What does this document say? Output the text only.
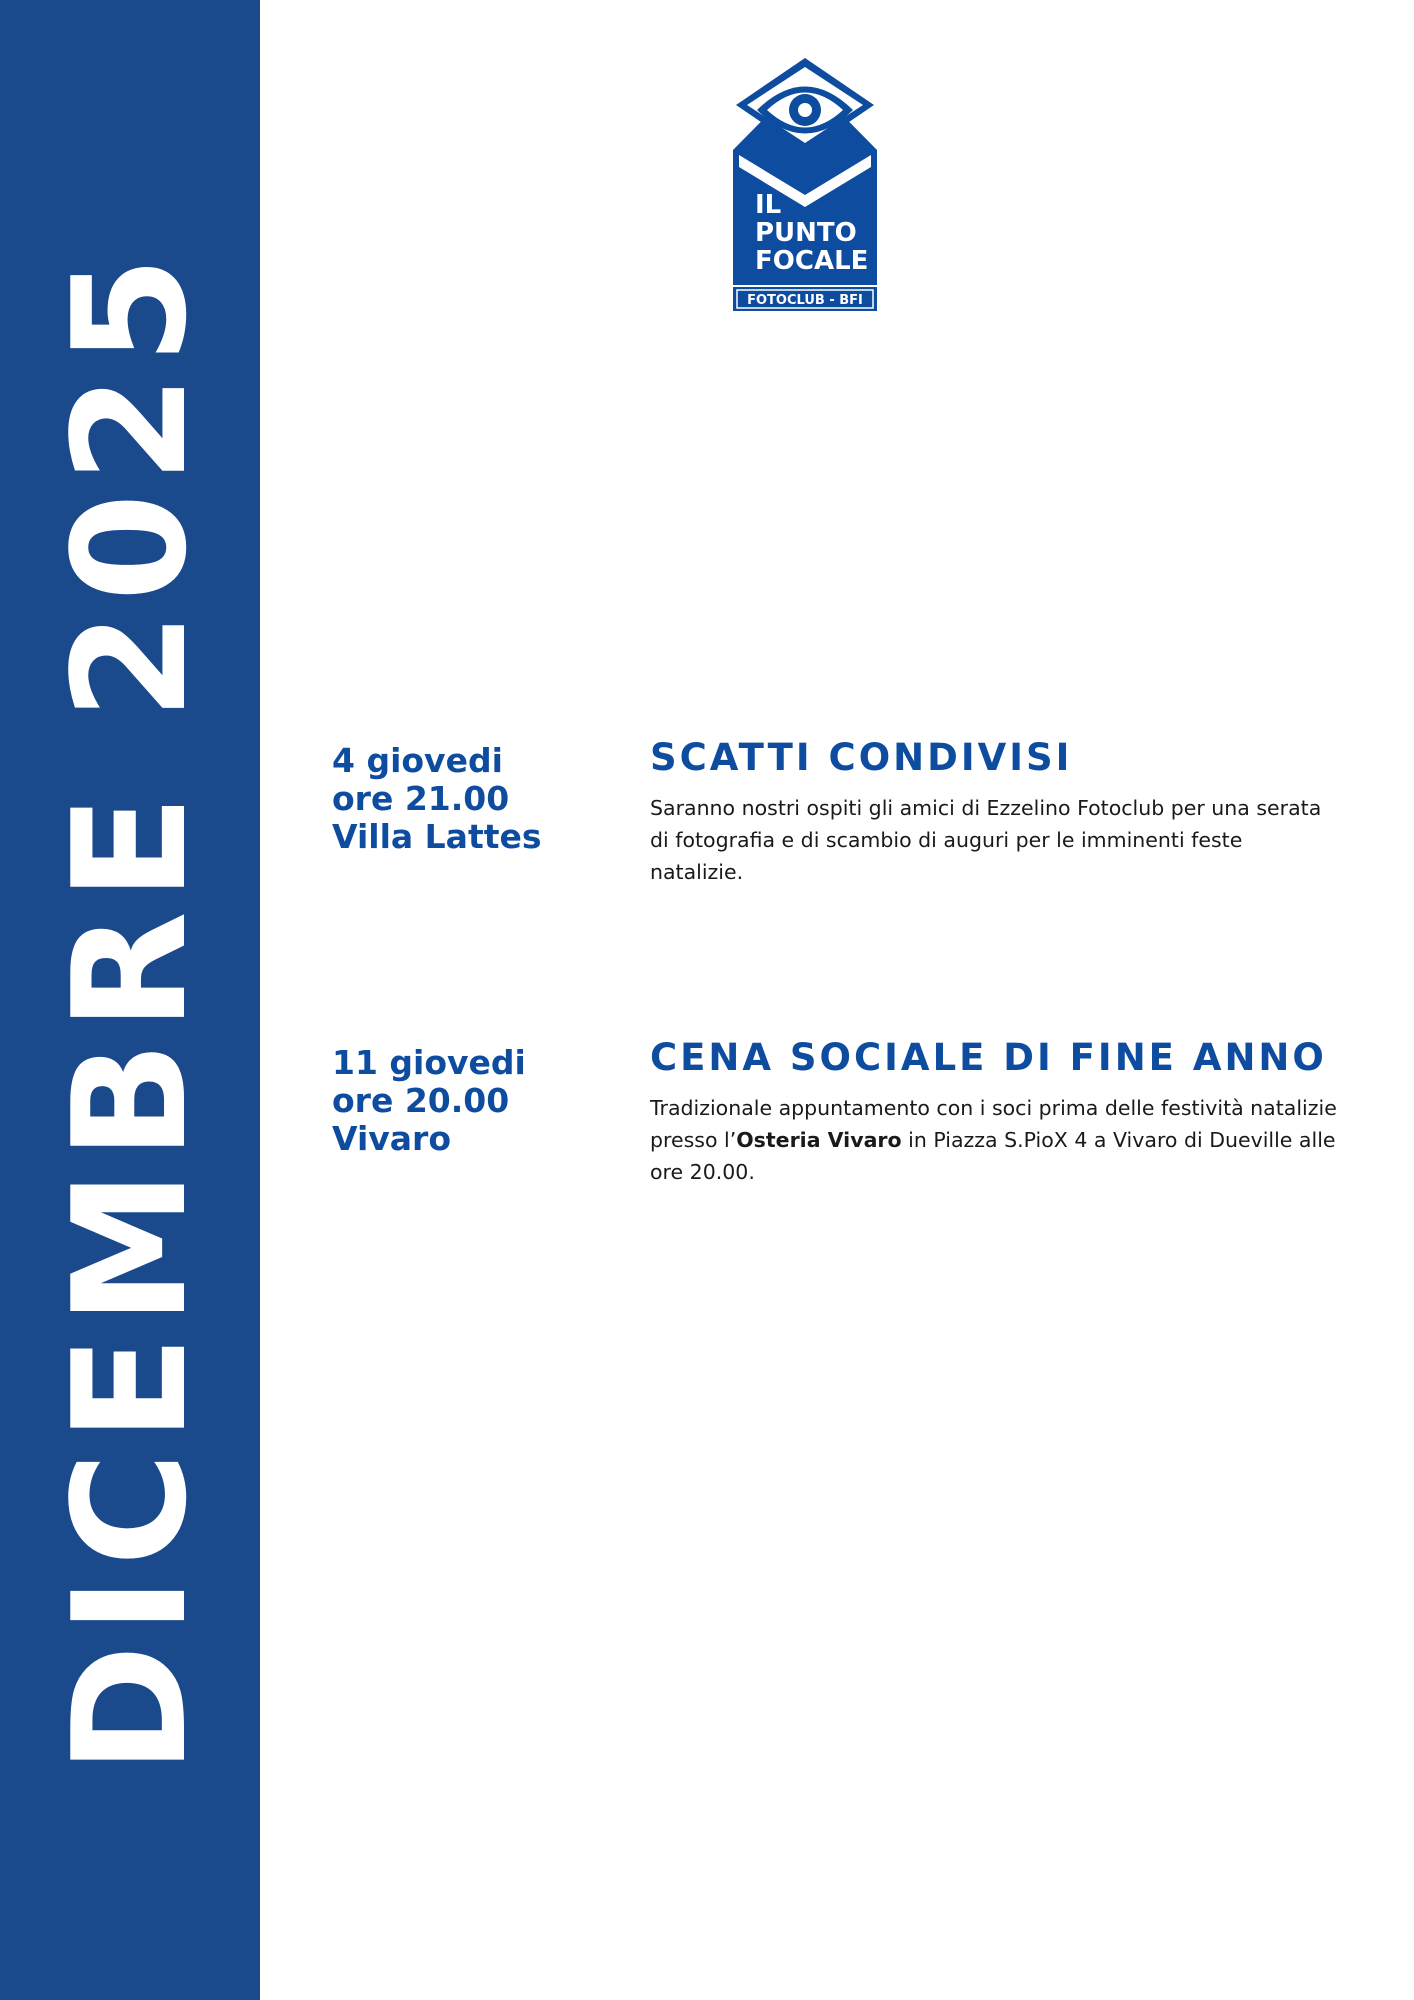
DICEMBRE 2025
IL
PUNTO
FOCALE
FOTOCLUB - BFI
4 giovedi
ore 21.00
Villa Lattes
SCATTI CONDIVISI

Saranno nostri ospiti gli amici di Ezzelino Fotoclub per una serata di fotografia e di scambio di auguri per le imminenti feste natalizie.

11 giovedi
ore 20.00
Vivaro
CENA SOCIALE DI FINE ANNO

Tradizionale appuntamento con i soci prima delle festività natalizie presso l’Osteria Vivaro in Piazza S.PioX 4 a Vivaro di Dueville alle ore 20.00.
